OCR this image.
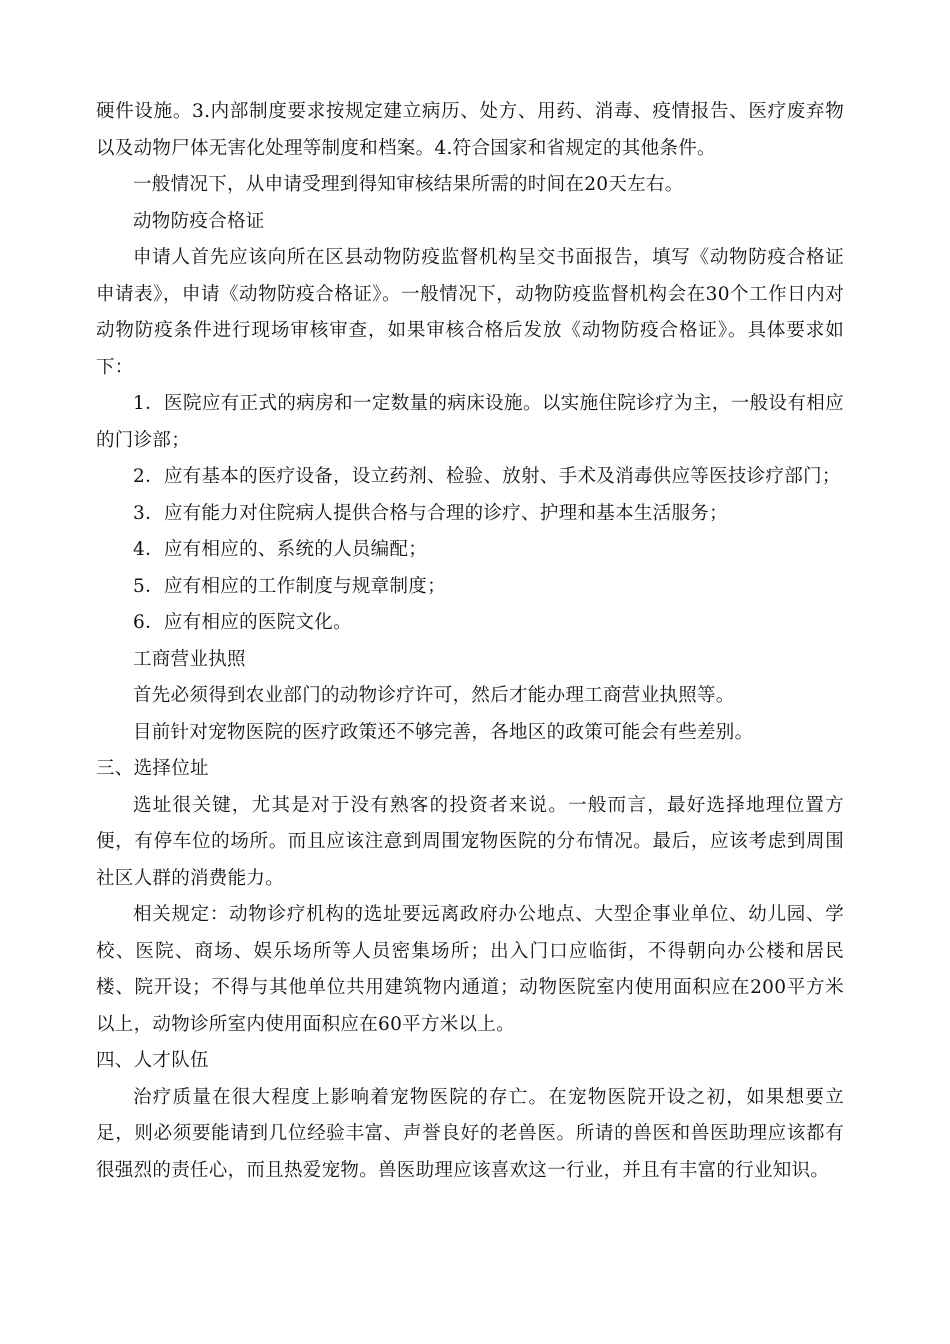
硬件设施。3.内部制度要求按规定建立病历、处方、用药、消毒、疫情报告、医疗废弃物以及动物尸体无害化处理等制度和档案。4.符合国家和省规定的其他条件。

一般情况下，从申请受理到得知审核结果所需的时间在20天左右。

动物防疫合格证

申请人首先应该向所在区县动物防疫监督机构呈交书面报告，填写《动物防疫合格证申请表》，申请《动物防疫合格证》。一般情况下，动物防疫监督机构会在30个工作日内对动物防疫条件进行现场审核审查，如果审核合格后发放《动物防疫合格证》。具体要求如下：

1．医院应有正式的病房和一定数量的病床设施。以实施住院诊疗为主，一般设有相应的门诊部；

2．应有基本的医疗设备，设立药剂、检验、放射、手术及消毒供应等医技诊疗部门；

3．应有能力对住院病人提供合格与合理的诊疗、护理和基本生活服务；

4．应有相应的、系统的人员编配；

5．应有相应的工作制度与规章制度；

6．应有相应的医院文化。

工商营业执照

首先必须得到农业部门的动物诊疗许可，然后才能办理工商营业执照等。

目前针对宠物医院的医疗政策还不够完善，各地区的政策可能会有些差别。

三、选择位址

选址很关键，尤其是对于没有熟客的投资者来说。一般而言，最好选择地理位置方便，有停车位的场所。而且应该注意到周围宠物医院的分布情况。最后，应该考虑到周围社区人群的消费能力。

相关规定：动物诊疗机构的选址要远离政府办公地点、大型企事业单位、幼儿园、学校、医院、商场、娱乐场所等人员密集场所；出入门口应临街，不得朝向办公楼和居民楼、院开设；不得与其他单位共用建筑物内通道；动物医院室内使用面积应在200平方米以上，动物诊所室内使用面积应在60平方米以上。

四、人才队伍

治疗质量在很大程度上影响着宠物医院的存亡。在宠物医院开设之初，如果想要立足，则必须要能请到几位经验丰富、声誉良好的老兽医。所请的兽医和兽医助理应该都有很强烈的责任心，而且热爱宠物。兽医助理应该喜欢这一行业，并且有丰富的行业知识。
